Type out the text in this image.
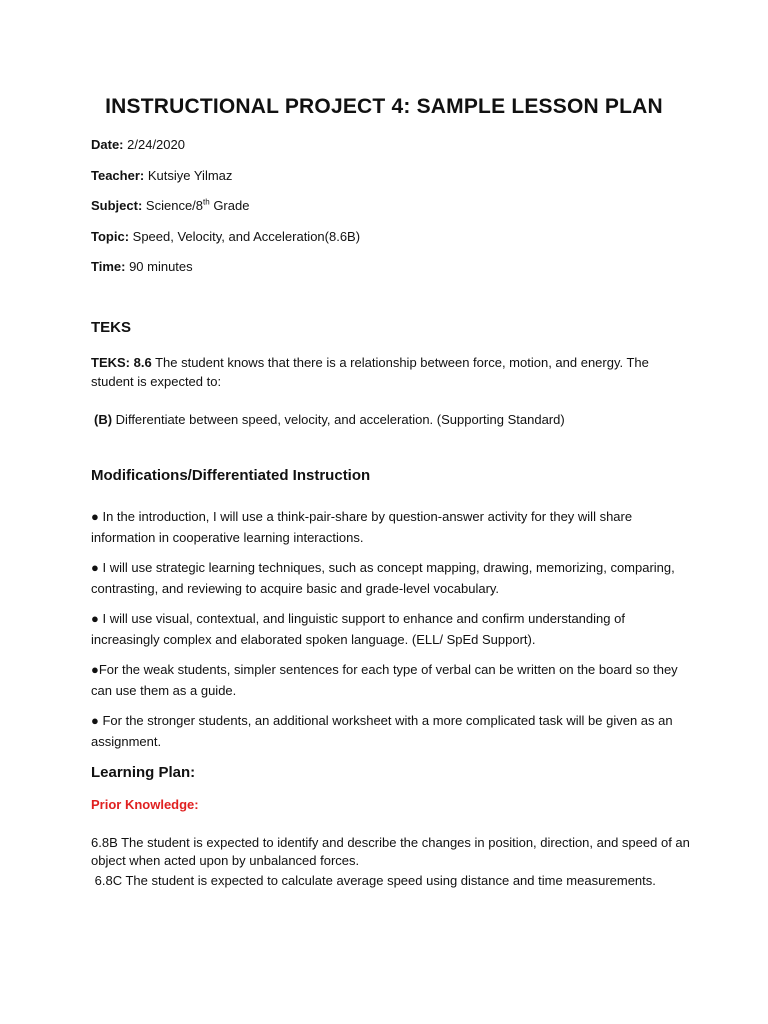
INSTRUCTIONAL PROJECT 4: SAMPLE LESSON PLAN
Date: 2/24/2020
Teacher: Kutsiye Yilmaz
Subject: Science/8th Grade
Topic: Speed, Velocity, and Acceleration(8.6B)
Time: 90 minutes
TEKS
TEKS: 8.6 The student knows that there is a relationship between force, motion, and energy. The student is expected to:
(B) Differentiate between speed, velocity, and acceleration. (Supporting Standard)
Modifications/Differentiated Instruction
● In the introduction, I will use a think-pair-share by question-answer activity for they will share information in cooperative learning interactions.
● I will use strategic learning techniques, such as concept mapping, drawing, memorizing, comparing, contrasting, and reviewing to acquire basic and grade-level vocabulary.
● I will use visual, contextual, and linguistic support to enhance and confirm understanding of increasingly complex and elaborated spoken language. (ELL/ SpEd Support).
●For the weak students, simpler sentences for each type of verbal can be written on the board so they can use them as a guide.
● For the stronger students, an additional worksheet with a more complicated task will be given as an assignment.
Learning Plan:
Prior Knowledge:
6.8B The student is expected to identify and describe the changes in position, direction, and speed of an object when acted upon by unbalanced forces.
6.8C The student is expected to calculate average speed using distance and time measurements.
